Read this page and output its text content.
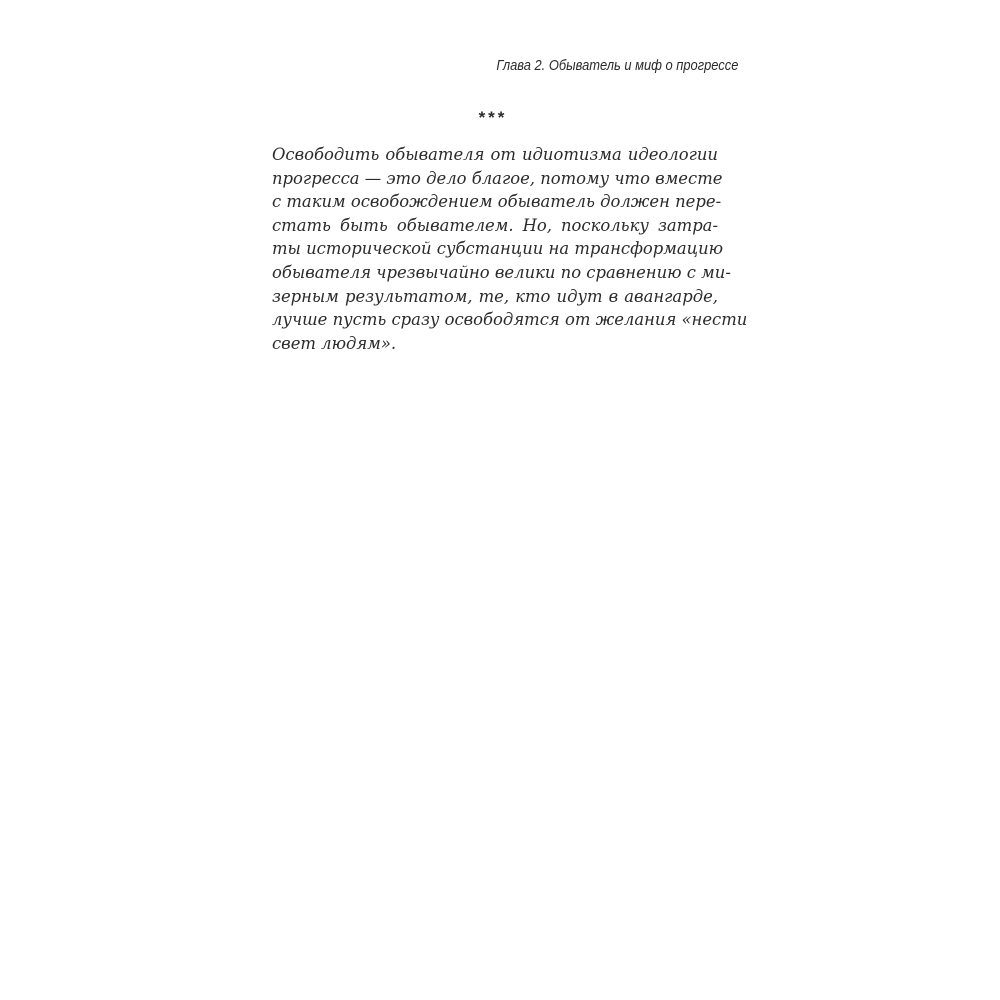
Глава 2. Обыватель и миф о прогрессе
***
Освободить обывателя от идиотизма идеологии
прогресса — это дело благое, потому что вместе
с таким освобождением обыватель должен пере-
стать быть обывателем. Но, поскольку затра-
ты исторической субстанции на трансформацию
обывателя чрезвычайно велики по сравнению с ми-
зерным результатом, те, кто идут в авангарде,
лучше пусть сразу освободятся от желания «нести
свет людям».
